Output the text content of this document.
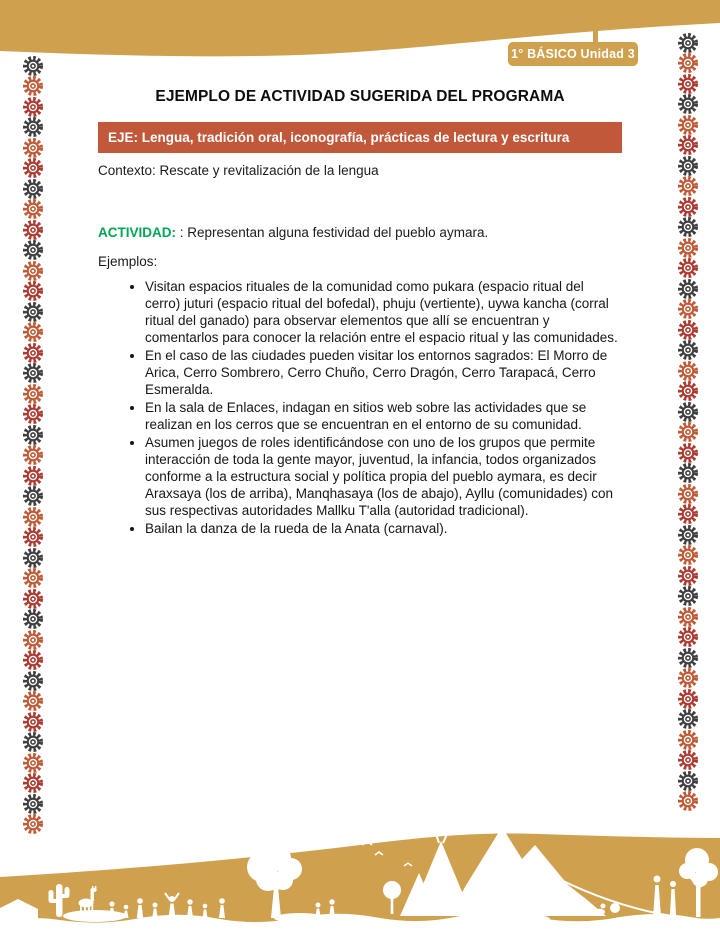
1° BÁSICO Unidad 3
EJEMPLO DE ACTIVIDAD SUGERIDA DEL PROGRAMA
EJE: Lengua, tradición oral, iconografía, prácticas de lectura y escritura

Contexto: Rescate y revitalización de la lengua

ACTIVIDAD: : Representan alguna festividad del pueblo aymara.

Ejemplos:

• Visitan espacios rituales de la comunidad como pukara (espacio ritual del cerro) juturi (espacio ritual del bofedal), phuju (vertiente), uywa kancha (corral ritual del ganado) para observar elementos que allí se encuentran y comentarlos para conocer la relación entre el espacio ritual y las comunidades.
• En el caso de las ciudades pueden visitar los entornos sagrados: El Morro de Arica, Cerro Sombrero, Cerro Chuño, Cerro Dragón, Cerro Tarapacá, Cerro Esmeralda.
• En la sala de Enlaces, indagan en sitios web sobre las actividades que se realizan en los cerros que se encuentran en el entorno de su comunidad.
• Asumen juegos de roles identificándose con uno de los grupos que permite interacción de toda la gente mayor, juventud, la infancia, todos organizados conforme a la estructura social y política propia del pueblo aymara, es decir Araxsaya (los de arriba), Manqhasaya (los de abajo), Ayllu (comunidades) con sus respectivas autoridades Mallku T'alla (autoridad tradicional).
• Bailan la danza de la rueda de la Anata (carnaval).
